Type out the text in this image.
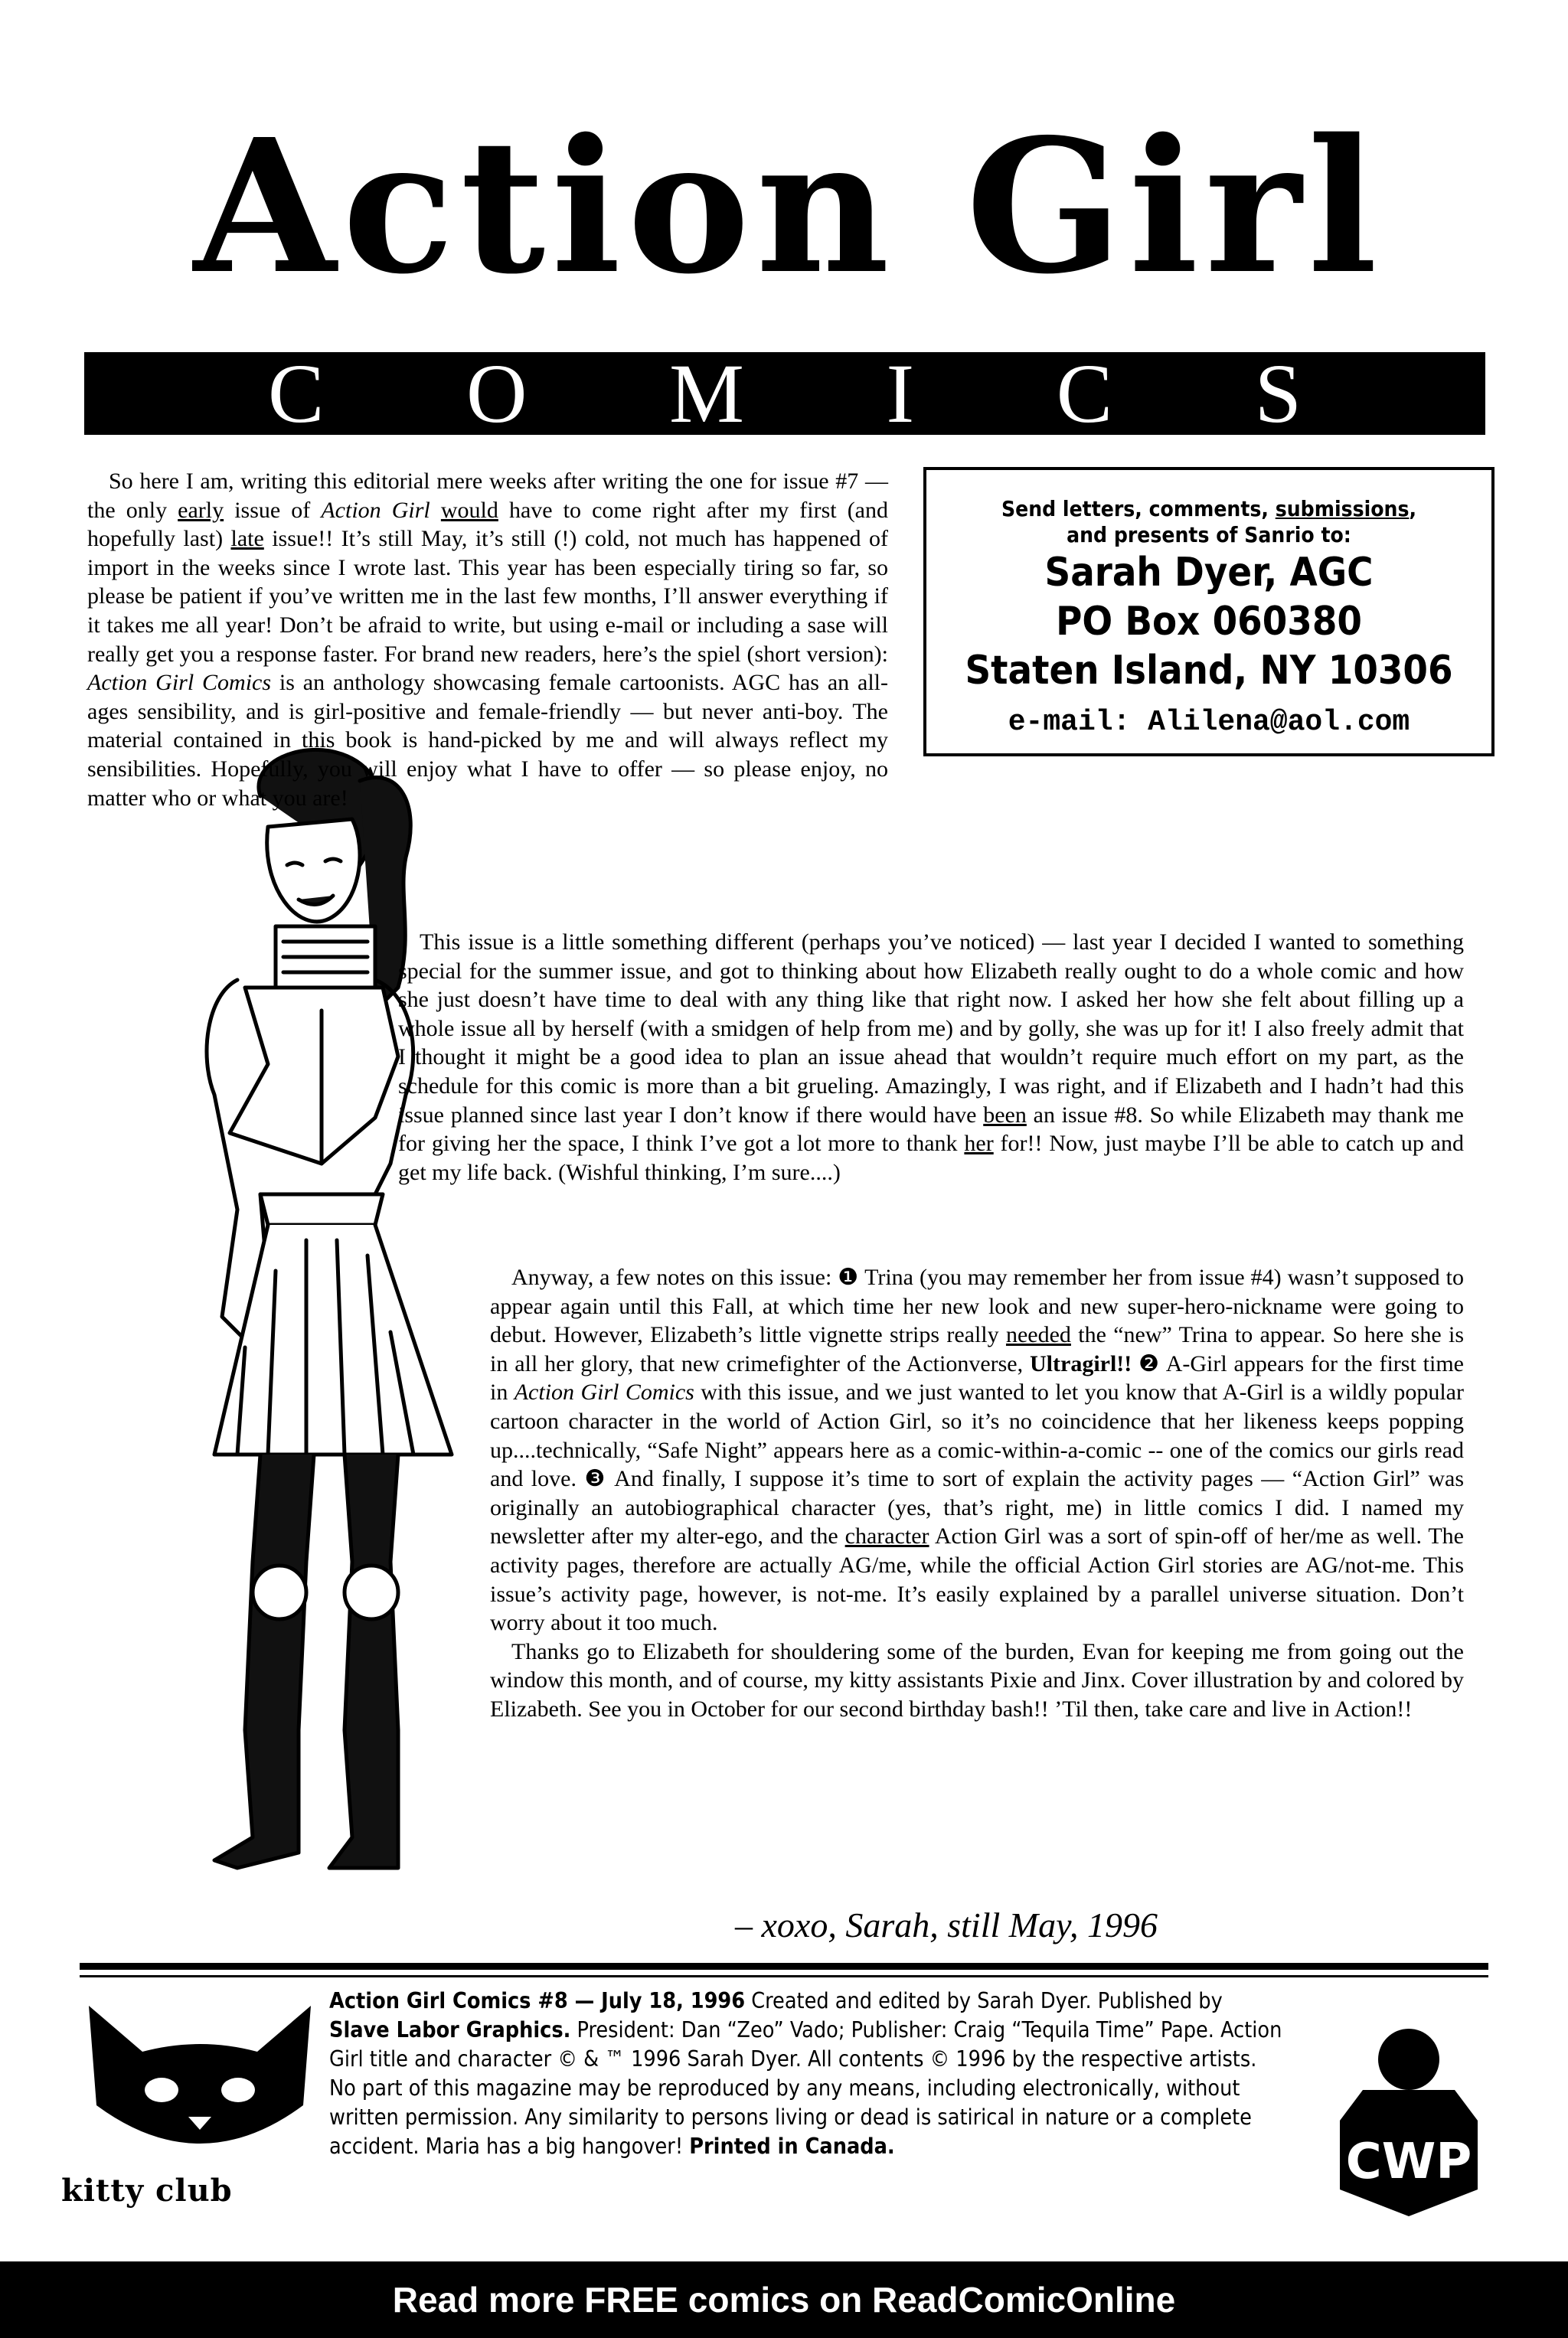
Action Girl
C O M I C S
Send letters, comments, submissions,
and presents of Sanrio to:
Sarah Dyer, AGC
PO Box 060380
Staten Island, NY 10306
e-mail: Alilena@aol.com

So here I am, writing this editorial mere weeks after writing the one for issue #7 — the only early issue of Action Girl would have to come right after my first (and hopefully last) late issue!! It’s still May, it’s still (!) cold, not much has happened of import in the weeks since I wrote last. This year has been especially tiring so far, so please be patient if you’ve written me in the last few months, I’ll answer everything if it takes me all year! Don’t be afraid to write, but using e-mail or including a sase will really get you a response faster. For brand new readers, here’s the spiel (short version): Action Girl Comics is an anthology showcasing female cartoonists. AGC has an all-ages sensibility, and is girl-positive and female-friendly — but never anti-boy. The material contained in this book is hand-picked by me and will always reflect my sensibilities. Hopefully, you will enjoy what I have to offer — so please enjoy, no matter who or what you are!

This issue is a little something different (perhaps you’ve noticed) — last year I decided I wanted to something special for the summer issue, and got to thinking about how Elizabeth really ought to do a whole comic and how she just doesn’t have time to deal with any thing like that right now. I asked her how she felt about filling up a whole issue all by herself (with a smidgen of help from me) and by golly, she was up for it! I also freely admit that I thought it might be a good idea to plan an issue ahead that wouldn’t require much effort on my part, as the schedule for this comic is more than a bit grueling. Amazingly, I was right, and if Elizabeth and I hadn’t had this issue planned since last year I don’t know if there would have been an issue #8. So while Elizabeth may thank me for giving her the space, I think I’ve got a lot more to thank her for!! Now, just maybe I’ll be able to catch up and get my life back. (Wishful thinking, I’m sure....)

Anyway, a few notes on this issue: ❶ Trina (you may remember her from issue #4) wasn’t supposed to appear again until this Fall, at which time her new look and new super-hero-nickname were going to debut. However, Elizabeth’s little vignette strips really needed the “new” Trina to appear. So here she is in all her glory, that new crimefighter of the Actionverse, Ultragirl!! ❷ A-Girl appears for the first time in Action Girl Comics with this issue, and we just wanted to let you know that A-Girl is a wildly popular cartoon character in the world of Action Girl, so it’s no coincidence that her likeness keeps popping up....technically, “Safe Night” appears here as a comic-within-a-comic -- one of the comics our girls read and love. ❸ And finally, I suppose it’s time to sort of explain the activity pages — “Action Girl” was originally an autobiographical character (yes, that’s right, me) in little comics I did. I named my newsletter after my alter-ego, and the character Action Girl was a sort of spin-off of her/me as well. The activity pages, therefore are actually AG/me, while the official Action Girl stories are AG/not-me. This issue’s activity page, however, is not-me. It’s easily explained by a parallel universe situation. Don’t worry about it too much.

Thanks go to Elizabeth for shouldering some of the burden, Evan for keeping me from going out the window this month, and of course, my kitty assistants Pixie and Jinx. Cover illustration by and colored by Elizabeth. See you in October for our second birthday bash!! ’Til then, take care and live in Action!!

– xoxo, Sarah, still May, 1996
kitty club
CWP
Action Girl Comics #8 — July 18, 1996 Created and edited by Sarah Dyer. Published by Slave Labor Graphics. President: Dan “Zeo” Vado; Publisher: Craig “Tequila Time” Pape. Action Girl title and character © & ™ 1996 Sarah Dyer. All contents © 1996 by the respective artists. No part of this magazine may be reproduced by any means, including electronically, without written permission. Any similarity to persons living or dead is satirical in nature or a complete accident. Maria has a big hangover! Printed in Canada.
Read more FREE comics on ReadComicOnline
